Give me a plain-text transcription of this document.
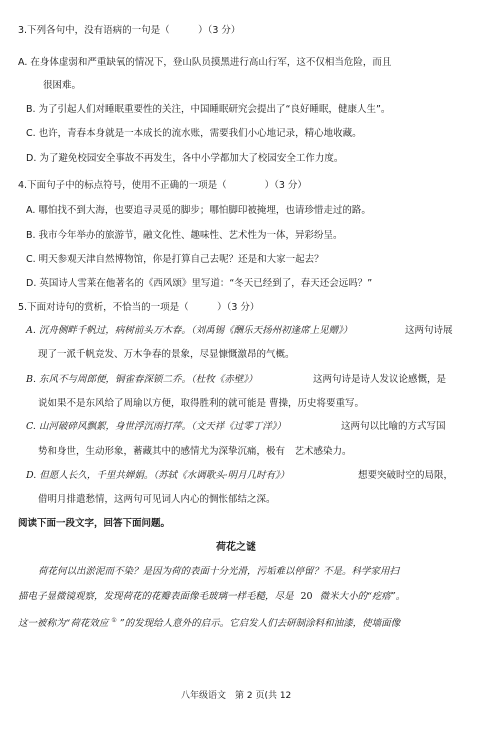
3.下列各句中，没有语病的一句是（　　　）（3 分）
A. 在身体虚弱和严重缺氧的情况下，登山队员摸黑进行高山行军，这不仅相当危险，而且
很困难。
B. 为了引起人们对睡眠重要性的关注，中国睡眠研究会提出了“良好睡眠，健康人生”。
C. 也许，青春本身就是一本成长的流水账，需要我们小心地记录，精心地收藏。
D. 为了避免校园安全事故不再发生，各中小学都加大了校园安全工作力度。
4.下面句子中的标点符号，使用不正确的一项是（　　　　）（3 分）
A. 哪怕找不到大海，也要追寻灵觅的脚步；哪怕脚印被掩埋，也请珍惜走过的路。
B. 我市今年举办的旅游节，融文化性、趣味性、艺术性为一体，异彩纷呈。
C. 明天参观天津自然博物馆，你是打算自己去呢？还是和大家一起去？
D. 英国诗人雪莱在他著名的《西风颂》里写道：“冬天已经到了，春天还会远吗？”
5.下面对诗句的赏析，不恰当的一项是（　　　）（3 分）
A. 沉舟侧畔千帆过，病树前头万木春。（刘禹锡《酬乐天扬州初逢席上见赠》）	这两句诗展
现了一派千帆竞发、万木争春的景象，尽显慷慨激昂的气概。
B. 东风不与周郎便，铜雀春深锁二乔。（杜牧《赤壁》）	这两句诗是诗人发议论感慨，是
说如果不是东风给了周瑜以方便，取得胜利的就可能是 曹操，历史将要重写。
C. 山河破碎风飘絮，身世浮沉雨打萍。（文天祥《过零丁洋》）	这两句以比喻的方式写国
势和身世，生动形象，蓄藏其中的感情尤为深挚沉痛，极有　艺术感染力。
D. 但愿人长久，千里共婵娟。（苏轼《水调歌头·明月几时有》）	想要突破时空的局限，
借明月排遣愁情，这两句可见词人内心的惆怅郁结之深。
阅读下面一段文字，回答下面问题。
荷花之谜
荷花何以出淤泥而不染？是因为荷的表面十分光滑，污垢难以停留？不是。科学家用扫
描电子显微镜观察，发现荷花的花瓣表面像毛玻璃一样毛糙，尽是 20 微米大小的“疙瘩”。
这一被称为“荷花效应 ① ”的发现给人意外的启示。它启发人们去研制涂料和油漆，使墙面像
八年级语文　第 2 页(共 12
